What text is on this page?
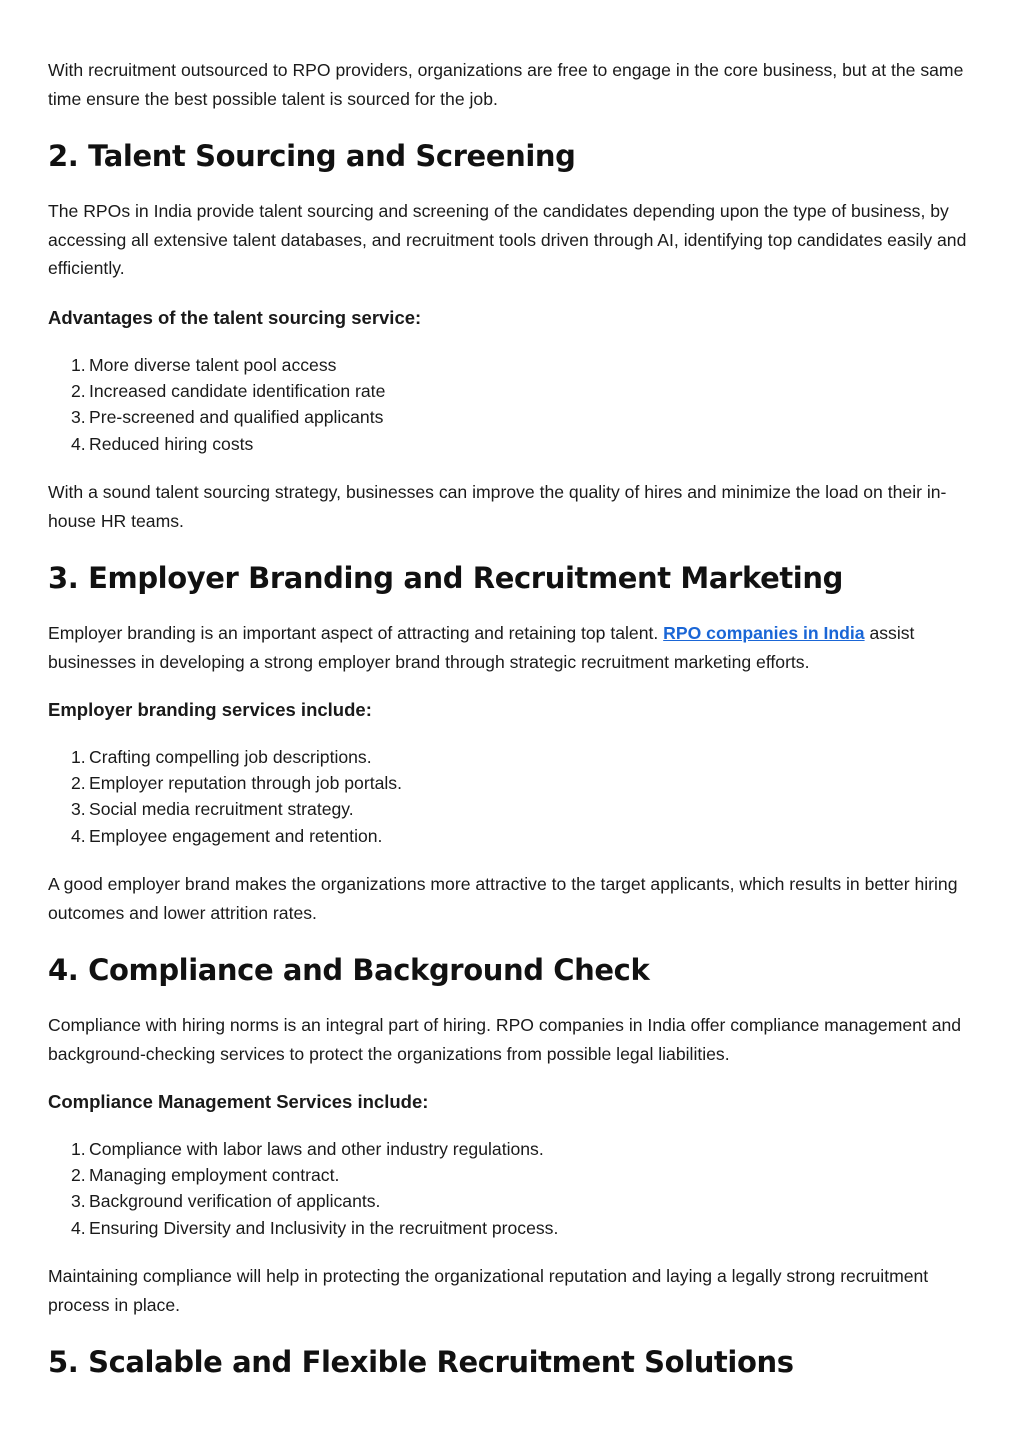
With recruitment outsourced to RPO providers, organizations are free to engage in the core business, but at the same time ensure the best possible talent is sourced for the job.

2. Talent Sourcing and Screening

The RPOs in India provide talent sourcing and screening of the candidates depending upon the type of business, by accessing all extensive talent databases, and recruitment tools driven through AI, identifying top candidates easily and efficiently.

Advantages of the talent sourcing service:
1. More diverse talent pool access
2. Increased candidate identification rate
3. Pre-screened and qualified applicants
4. Reduced hiring costs

With a sound talent sourcing strategy, businesses can improve the quality of hires and minimize the load on their in-house HR teams.

3. Employer Branding and Recruitment Marketing

Employer branding is an important aspect of attracting and retaining top talent. RPO companies in India assist businesses in developing a strong employer brand through strategic recruitment marketing efforts.

Employer branding services include:
1. Crafting compelling job descriptions.
2. Employer reputation through job portals.
3. Social media recruitment strategy.
4. Employee engagement and retention.

A good employer brand makes the organizations more attractive to the target applicants, which results in better hiring outcomes and lower attrition rates.

4. Compliance and Background Check

Compliance with hiring norms is an integral part of hiring. RPO companies in India offer compliance management and background-checking services to protect the organizations from possible legal liabilities.

Compliance Management Services include:
1. Compliance with labor laws and other industry regulations.
2. Managing employment contract.
3. Background verification of applicants.
4. Ensuring Diversity and Inclusivity in the recruitment process.

Maintaining compliance will help in protecting the organizational reputation and laying a legally strong recruitment process in place.

5. Scalable and Flexible Recruitment Solutions
